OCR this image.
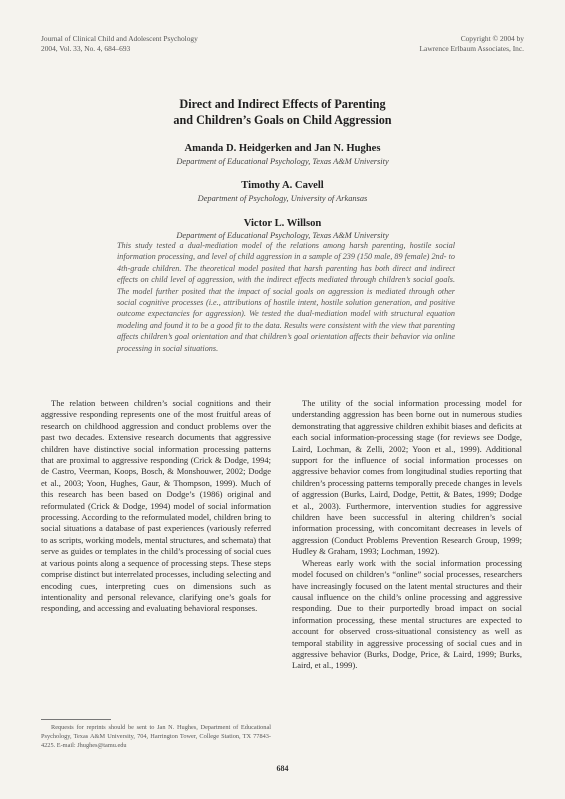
Journal of Clinical Child and Adolescent Psychology
2004, Vol. 33, No. 4, 684–693
Copyright © 2004 by
Lawrence Erlbaum Associates, Inc.
Direct and Indirect Effects of Parenting
and Children’s Goals on Child Aggression
Amanda D. Heidgerken and Jan N. Hughes
Department of Educational Psychology, Texas A&M University
Timothy A. Cavell
Department of Psychology, University of Arkansas
Victor L. Willson
Department of Educational Psychology, Texas A&M University
This study tested a dual-mediation model of the relations among harsh parenting, hostile social information processing, and level of child aggression in a sample of 239 (150 male, 89 female) 2nd- to 4th-grade children. The theoretical model posited that harsh parenting has both direct and indirect effects on child level of aggression, with the indirect effects mediated through children’s social goals. The model further posited that the impact of social goals on aggression is mediated through other social cognitive processes (i.e., attributions of hostile intent, hostile solution generation, and positive outcome expectancies for aggression). We tested the dual-mediation model with structural equation modeling and found it to be a good fit to the data. Results were consistent with the view that parenting affects children’s goal orientation and that children’s goal orientation affects their behavior via online processing in social situations.

The relation between children’s social cognitions and their aggressive responding represents one of the most fruitful areas of research on childhood aggression and conduct problems over the past two decades. Extensive research documents that aggressive children have distinctive social information processing patterns that are proximal to aggressive responding (Crick & Dodge, 1994; de Castro, Veerman, Koops, Bosch, & Monshouwer, 2002; Dodge et al., 2003; Yoon, Hughes, Gaur, & Thompson, 1999). Much of this research has been based on Dodge’s (1986) original and reformulated (Crick & Dodge, 1994) model of social information processing. According to the reformulated model, children bring to social situations a database of past experiences (variously referred to as scripts, working models, mental structures, and schemata) that serve as guides or templates in the child’s processing of social cues at various points along a sequence of processing steps. These steps comprise distinct but interrelated processes, including selecting and encoding cues, interpreting cues on dimensions such as intentionality and personal relevance, clarifying one’s goals for responding, and accessing and evaluating behavioral responses.

The utility of the social information processing model for understanding aggression has been borne out in numerous studies demonstrating that aggressive children exhibit biases and deficits at each social information-processing stage (for reviews see Dodge, Laird, Lochman, & Zelli, 2002; Yoon et al., 1999). Additional support for the influence of social information processes on aggressive behavior comes from longitudinal studies reporting that children’s processing patterns temporally precede changes in levels of aggression (Burks, Laird, Dodge, Pettit, & Bates, 1999; Dodge et al., 2003). Furthermore, intervention studies for aggressive children have been successful in altering children’s social information processing, with concomitant decreases in levels of aggression (Conduct Problems Prevention Research Group, 1999; Hudley & Graham, 1993; Lochman, 1992).

Whereas early work with the social information processing model focused on children’s “online” social processes, researchers have increasingly focused on the latent mental structures and their causal influence on the child’s online processing and aggressive responding. Due to their purportedly broad impact on social information processing, these mental structures are expected to account for observed cross-situational consistency as well as temporal stability in aggressive processing of social cues and in aggressive behavior (Burks, Dodge, Price, & Laird, 1999; Burks, Laird, et al., 1999).

Requests for reprints should be sent to Jan N. Hughes, Department of Educational Psychology, Texas A&M University, 704, Harrington Tower, College Station, TX 77843-4225. E-mail: Jhughes@tamu.edu
684
